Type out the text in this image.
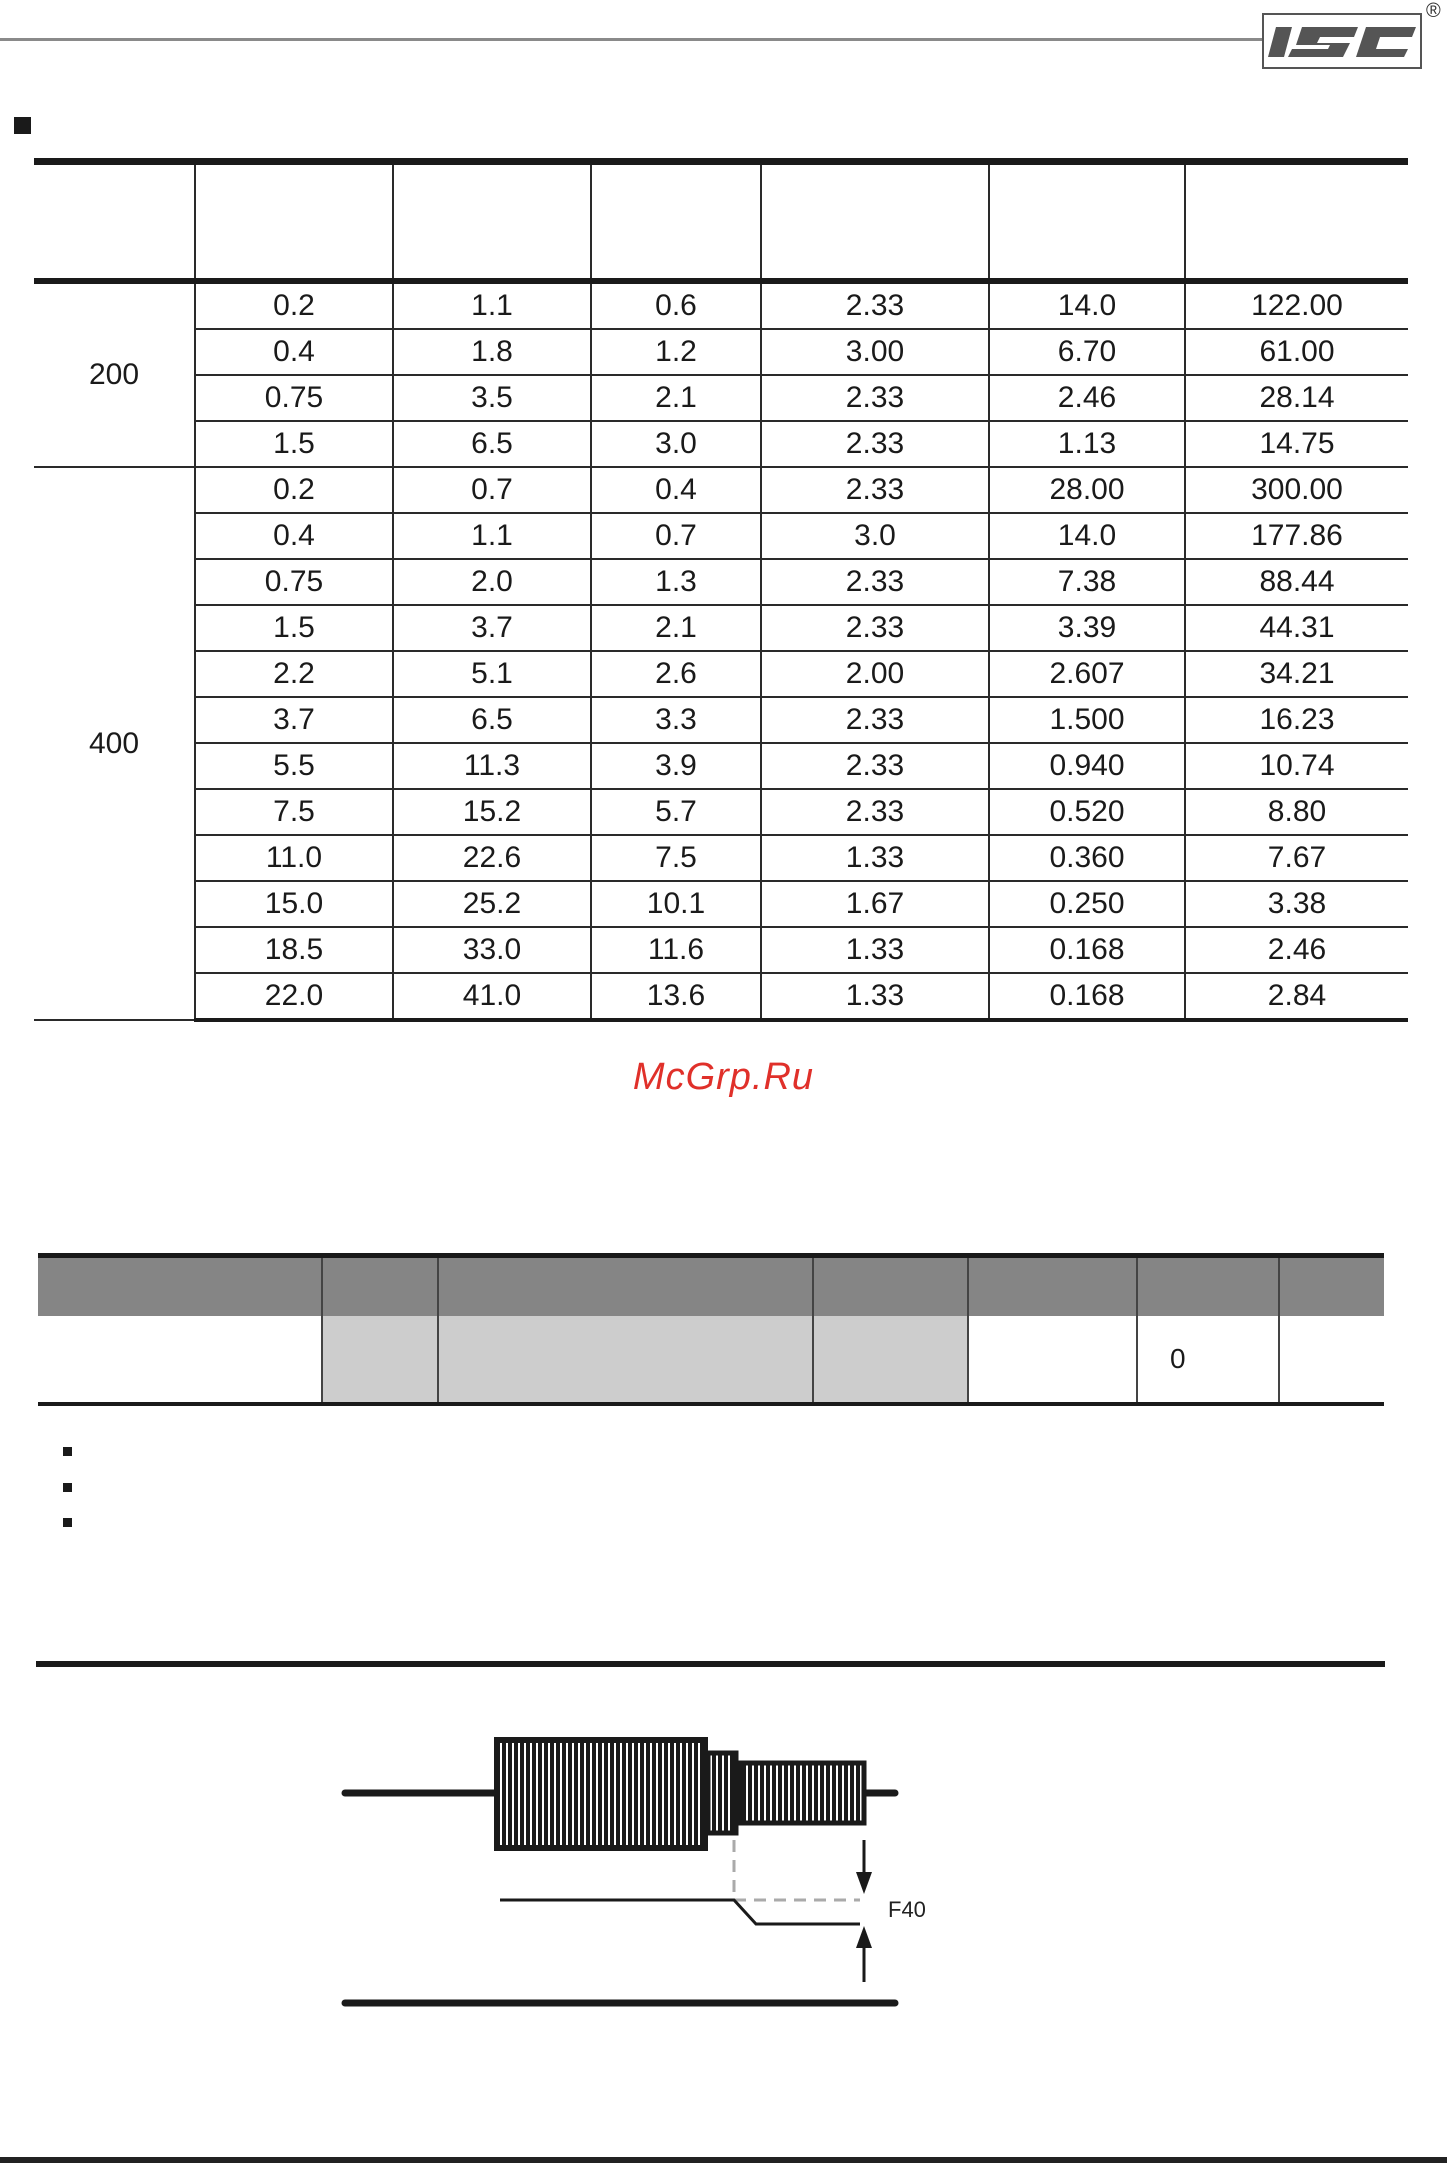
®

200	0.2	1.1	0.6	2.33	14.0	122.00
	0.4	1.8	1.2	3.00	6.70	61.00
	0.75	3.5	2.1	2.33	2.46	28.14
	1.5	6.5	3.0	2.33	1.13	14.75
400	0.2	0.7	0.4	2.33	28.00	300.00
	0.4	1.1	0.7	3.0	14.0	177.86
	0.75	2.0	1.3	2.33	7.38	88.44
	1.5	3.7	2.1	2.33	3.39	44.31
	2.2	5.1	2.6	2.00	2.607	34.21
	3.7	6.5	3.3	2.33	1.500	16.23
	5.5	11.3	3.9	2.33	0.940	10.74
	7.5	15.2	5.7	2.33	0.520	8.80
	11.0	22.6	7.5	1.33	0.360	7.67
	15.0	25.2	10.1	1.67	0.250	3.38
	18.5	33.0	11.6	1.33	0.168	2.46
	22.0	41.0	13.6	1.33	0.168	2.84
McGrp.Ru

					0	
F40
